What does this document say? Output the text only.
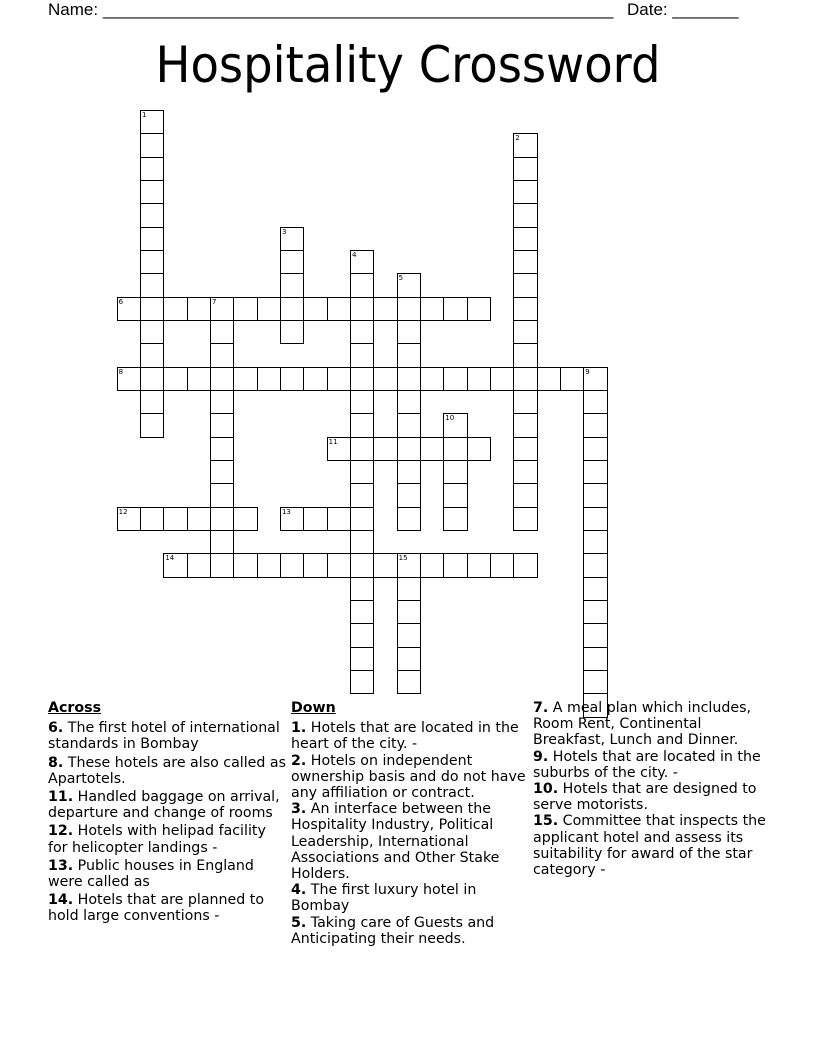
Name: ______________________________________________________ Date: _______
Hospitality Crossword
1
2
3
4
5
6	7
8	9
10
11
12	13
14	15
Across
6. The first hotel of international standards in Bombay
8. These hotels are also called as Apartotels.
11. Handled baggage on arrival, departure and change of rooms
12. Hotels with helipad facility for helicopter landings -
13. Public houses in England were called as
14. Hotels that are planned to hold large conventions -
Down
1. Hotels that are located in the heart of the city. -
2. Hotels on independent ownership basis and do not have any affiliation or contract.
3. An interface between the Hospitality Industry, Political Leadership, International Associations and Other Stake Holders.
4. The first luxury hotel in Bombay
5. Taking care of Guests and Anticipating their needs.
7. A meal plan which includes, Room Rent, Continental Breakfast, Lunch and Dinner.
9. Hotels that are located in the suburbs of the city. -
10. Hotels that are designed to serve motorists.
15. Committee that inspects the applicant hotel and assess its suitability for award of the star category -
